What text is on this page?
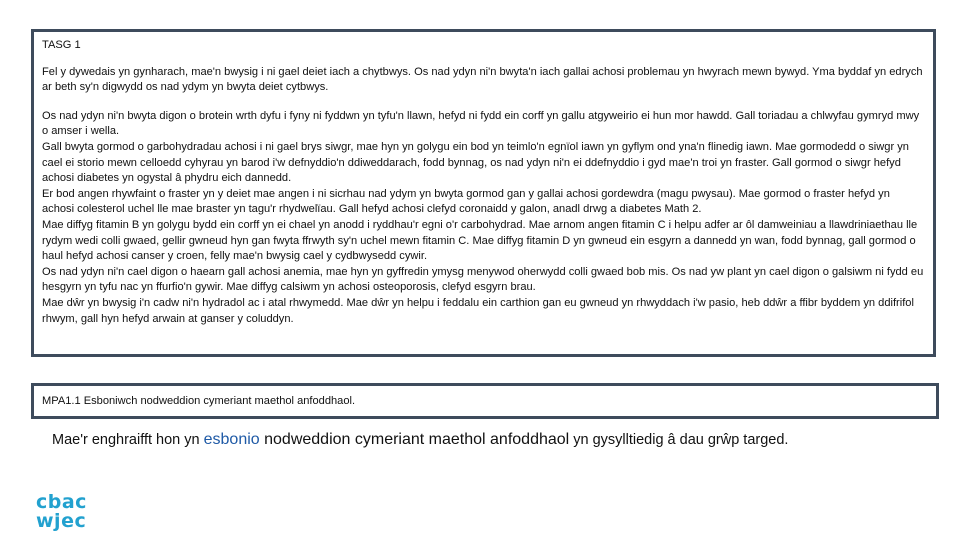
TASG 1

Fel y dywedais yn gynharach, mae'n bwysig i ni gael deiet iach a chytbwys. Os nad ydyn ni'n bwyta'n iach gallai achosi problemau yn hwyrach mewn bywyd. Yma byddaf yn edrych ar beth sy'n digwydd os nad ydym yn bwyta deiet cytbwys.

Os nad ydyn ni'n bwyta digon o brotein wrth dyfu i fyny ni fyddwn yn tyfu'n llawn, hefyd ni fydd ein corff yn gallu atgyweirio ei hun mor hawdd. Gall toriadau a chlwyfau gymryd mwy o amser i wella.

Gall bwyta gormod o garbohydradau achosi i ni gael brys siwgr, mae hyn yn golygu ein bod yn teimlo'n egnïol iawn yn gyflym ond yna'n flinedig iawn. Mae gormodedd o siwgr yn cael ei storio mewn celloedd cyhyrau yn barod i'w defnyddio'n ddiweddarach, fodd bynnag, os nad ydyn ni'n ei ddefnyddio i gyd mae'n troi yn fraster. Gall gormod o siwgr hefyd achosi diabetes yn ogystal â phydru eich dannedd.

Er bod angen rhywfaint o fraster yn y deiet mae angen i ni sicrhau nad ydym yn bwyta gormod gan y gallai achosi gordewdra (magu pwysau). Mae gormod o fraster hefyd yn achosi colesterol uchel lle mae braster yn tagu'r rhydwelïau. Gall hefyd achosi clefyd coronaidd y galon, anadl drwg a diabetes Math 2.

Mae diffyg fitamin B yn golygu bydd ein corff yn ei chael yn anodd i ryddhau'r egni o'r carbohydrad. Mae arnom angen fitamin C i helpu adfer ar ôl damweiniau a llawdriniaethau lle rydym wedi colli gwaed, gellir gwneud hyn gan fwyta ffrwyth sy'n uchel mewn fitamin C. Mae diffyg fitamin D yn gwneud ein esgyrn a dannedd yn wan, fodd bynnag, gall gormod o haul hefyd achosi canser y croen, felly mae'n bwysig cael y cydbwysedd cywir.

Os nad ydyn ni'n cael digon o haearn gall achosi anemia, mae hyn yn gyffredin ymysg menywod oherwydd colli gwaed bob mis. Os nad yw plant yn cael digon o galsiwm ni fydd eu hesgyrn yn tyfu nac yn ffurfio'n gywir. Mae diffyg calsiwm yn achosi osteoporosis, clefyd esgyrn brau.

Mae dŵr yn bwysig i'n cadw ni'n hydradol ac i atal rhwymedd. Mae dŵr yn helpu i feddalu ein carthion gan eu gwneud yn rhwyddach i'w pasio, heb ddŵr a ffibr byddem yn ddifrifol rhwym, gall hyn hefyd arwain at ganser y coluddyn.

MPA1.1 Esboniwch nodweddion cymeriant maethol anfoddhaol.
Mae'r enghraifft hon yn esbonio nodweddion cymeriant maethol anfoddhaol yn gysylltiedig â dau grŵp targed.
cbac
wjec
